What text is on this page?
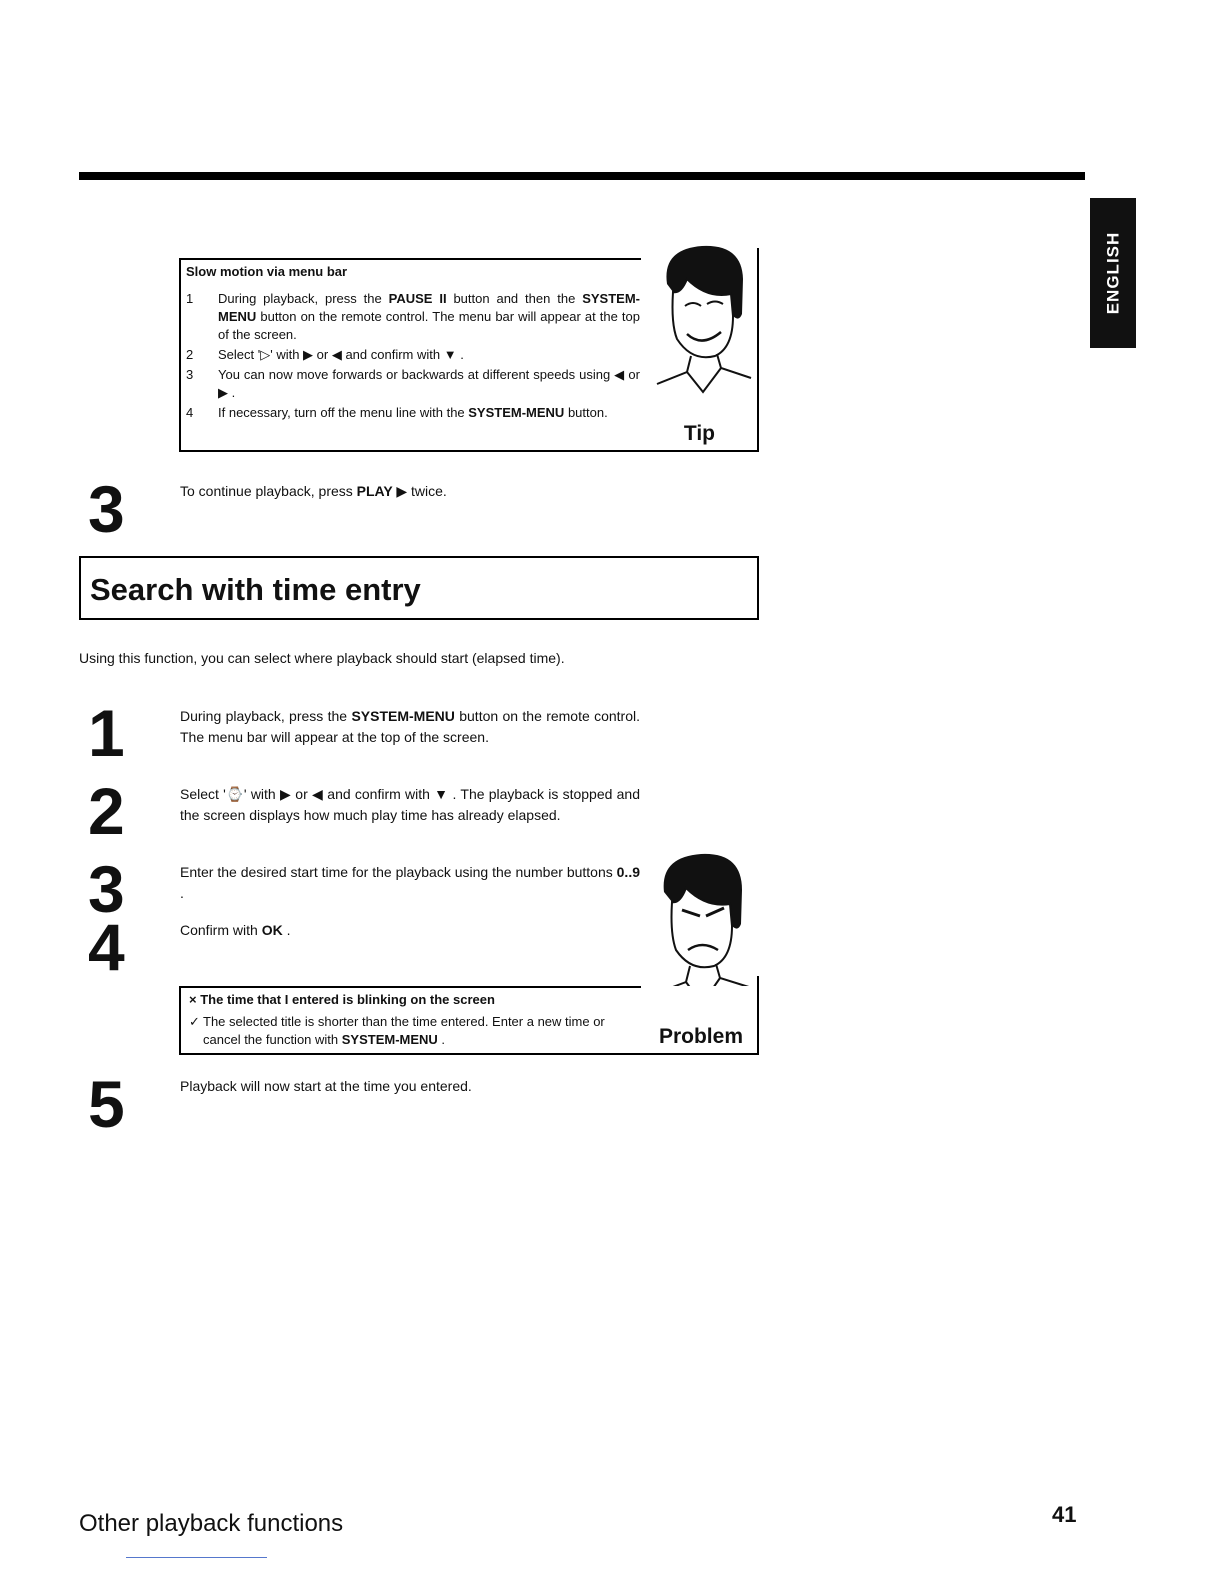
ENGLISH
Slow motion via menu bar
1	During playback, press the PAUSE II button and then the SYSTEM-MENU button on the remote control. The menu bar will appear at the top of the screen.
2	Select '▷' with ▶ or ◀ and confirm with ▼ .
3	You can now move forwards or backwards at different speeds using ◀ or ▶ .
4	If necessary, turn off the menu line with the SYSTEM-MENU button.
Tip
3	To continue playback, press PLAY ▶ twice.
Search with time entry
Using this function, you can select where playback should start (elapsed time).
1	During playback, press the SYSTEM-MENU button on the remote control. The menu bar will appear at the top of the screen.
2	Select '⌚' with ▶ or ◀ and confirm with ▼ . The playback is stopped and the screen displays how much play time has already elapsed.
3	Enter the desired start time for the playback using the number buttons 0..9 .
4	Confirm with OK .
× The time that I entered is blinking on the screen
✓ The selected title is shorter than the time entered. Enter a new time or cancel the function with SYSTEM-MENU .	Problem
5	Playback will now start at the time you entered.
Other playback functions	41
